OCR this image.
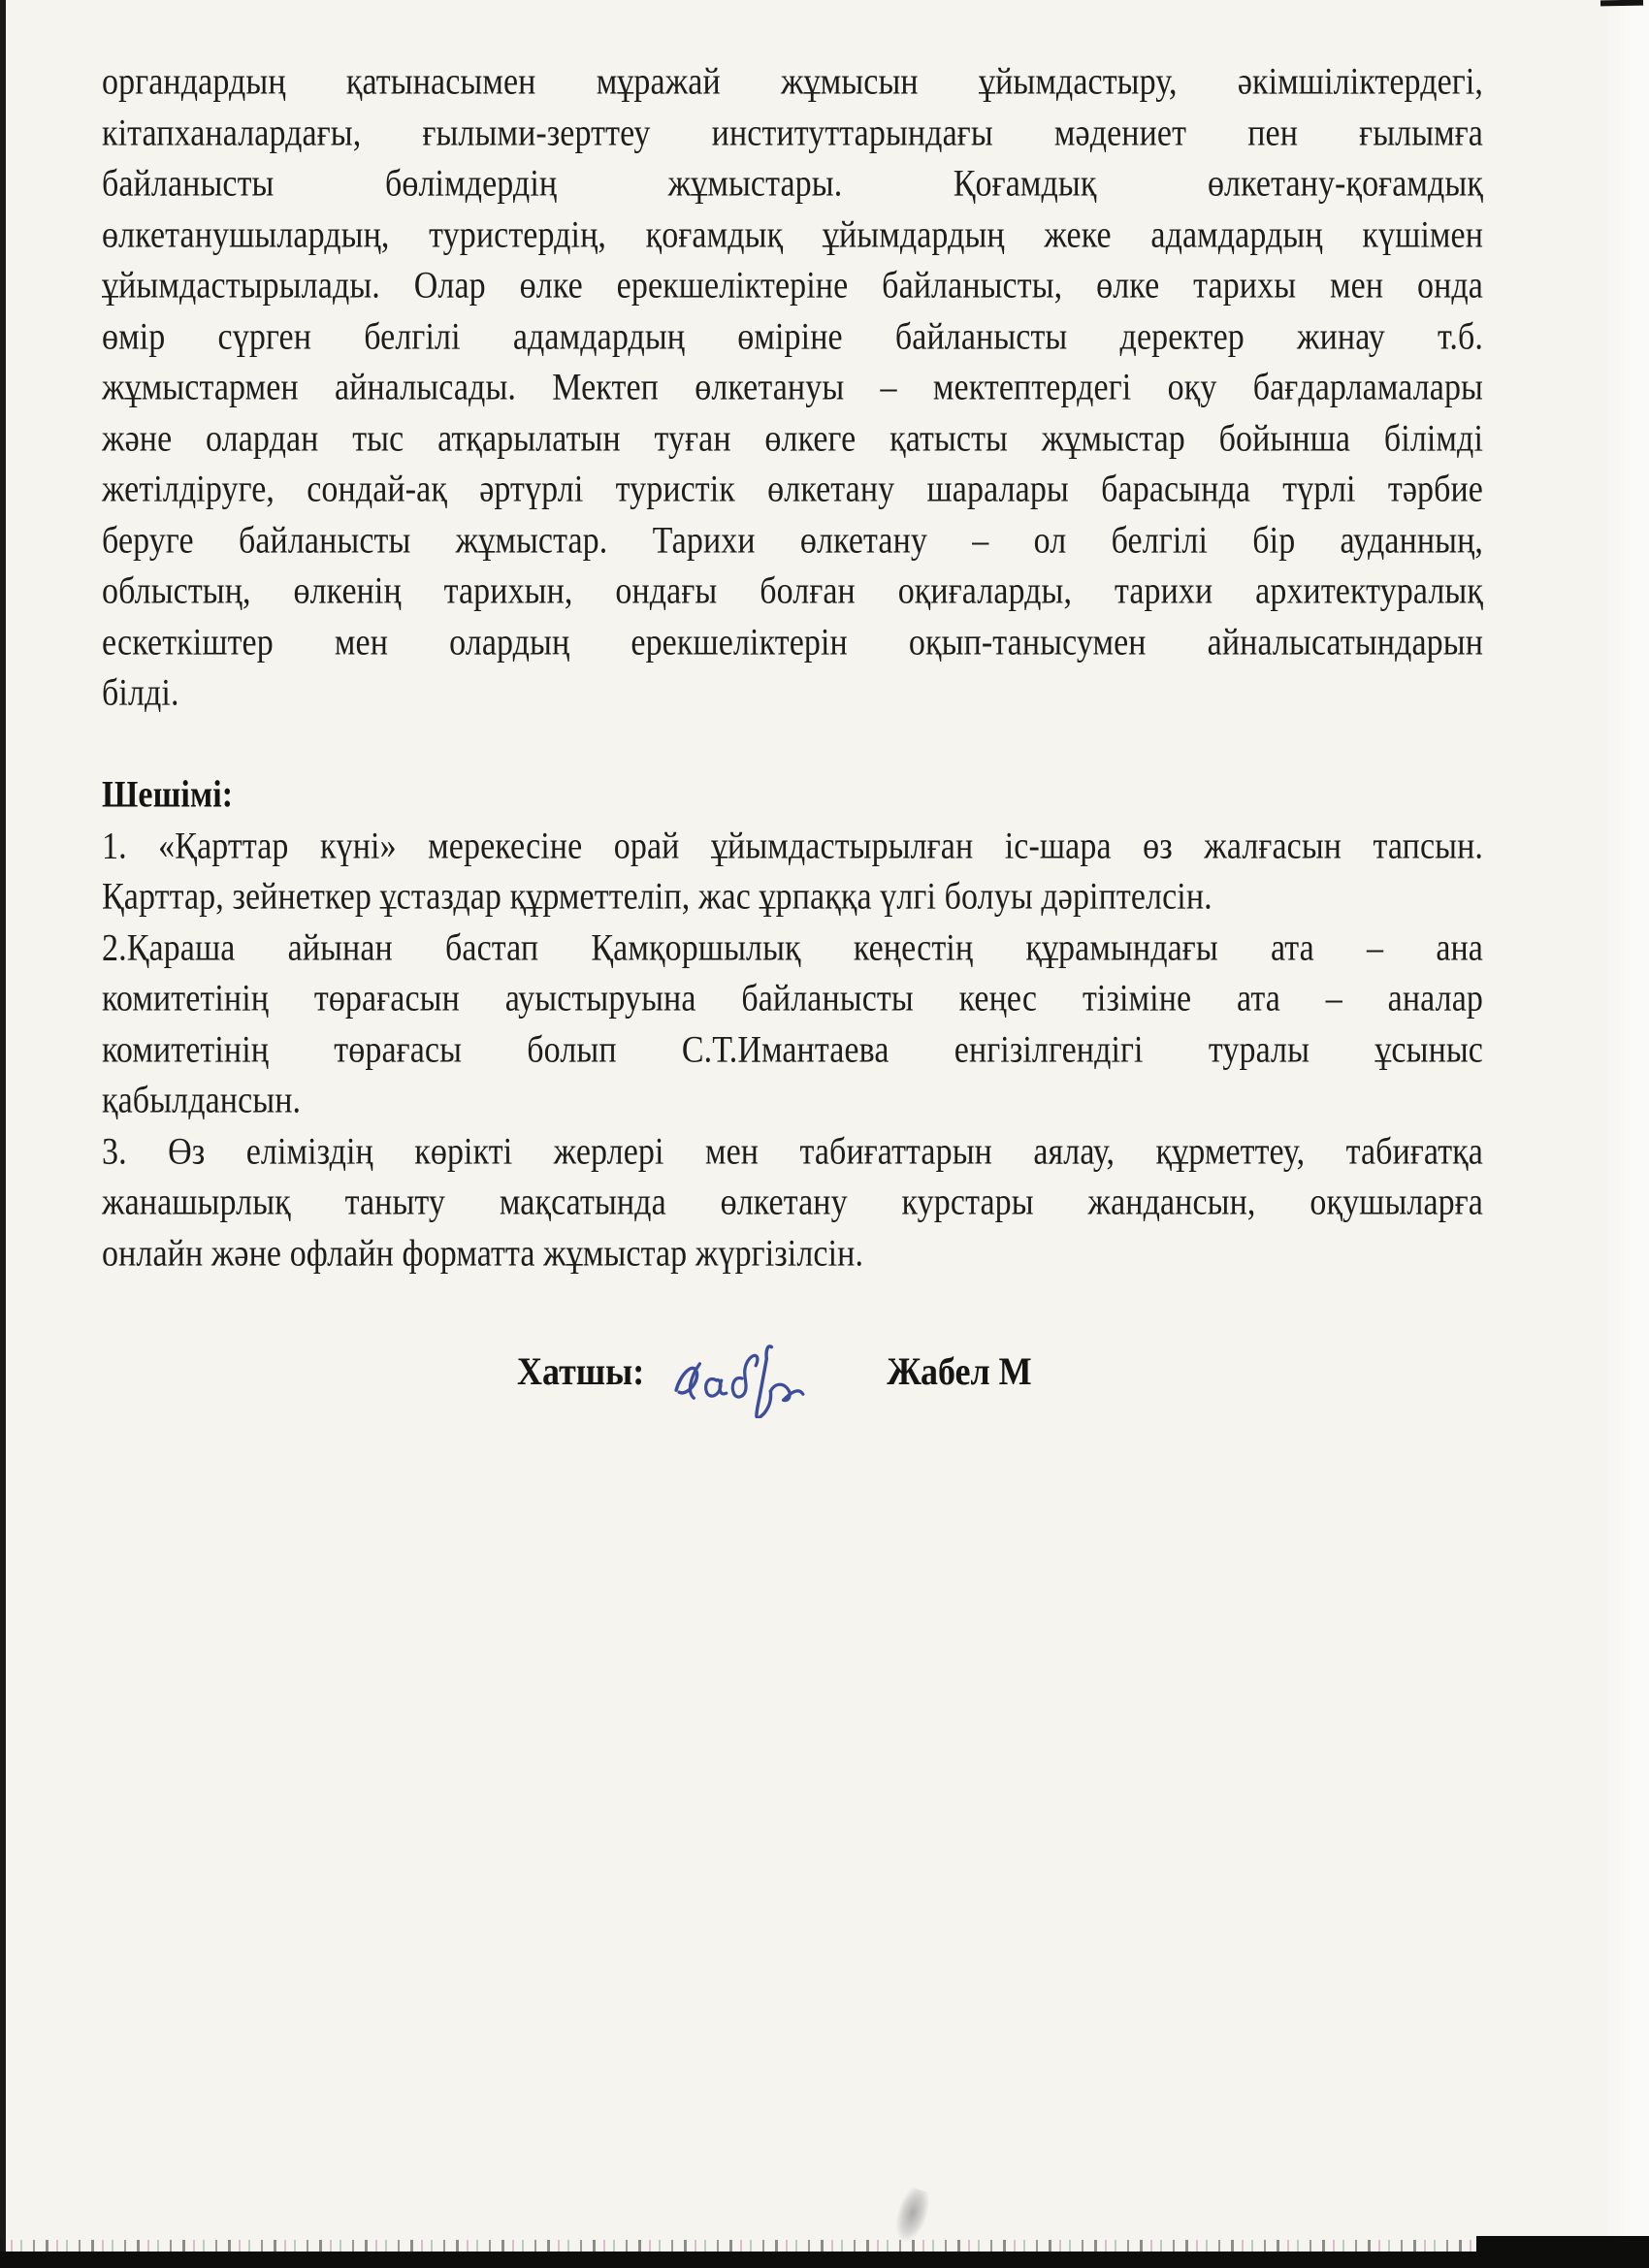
органдардың қатынасымен мұражай жұмысын ұйымдастыру, әкімшіліктердегі,
кітапханалардағы, ғылыми-зерттеу институттарындағы мәдениет пен ғылымға
байланысты бөлімдердің жұмыстары. Қоғамдық өлкетану-қоғамдық
өлкетанушылардың, туристердің, қоғамдық ұйымдардың жеке адамдардың күшімен
ұйымдастырылады. Олар өлке ерекшеліктеріне байланысты, өлке тарихы мен онда
өмір сүрген белгілі адамдардың өміріне байланысты деректер жинау т.б.
жұмыстармен айналысады. Мектеп өлкетануы – мектептердегі оқу бағдарламалары
және олардан тыс атқарылатын туған өлкеге қатысты жұмыстар бойынша білімді
жетілдіруге, сондай-ақ әртүрлі туристік өлкетану шаралары барасында түрлі тәрбие
беруге байланысты жұмыстар. Тарихи өлкетану – ол белгілі бір ауданның,
облыстың, өлкенің тарихын, ондағы болған оқиғаларды, тарихи архитектуралық
ескеткіштер мен олардың ерекшеліктерін оқып-танысумен айналысатындарын
білді.
Шешімі:
1. «Қарттар күні» мерекесіне орай ұйымдастырылған іс-шара өз жалғасын тапсын.
Қарттар, зейнеткер ұстаздар құрметтеліп, жас ұрпаққа үлгі болуы дәріптелсін.
2.Қараша айынан бастап Қамқоршылық кеңестің құрамындағы ата – ана
комитетінің төрағасын ауыстыруына байланысты кеңес тізіміне ата – аналар
комитетінің төрағасы болып С.Т.Имантаева енгізілгендігі туралы ұсыныс
қабылдансын.
3. Өз еліміздің көрікті жерлері мен табиғаттарын аялау, құрметтеу, табиғатқа
жанашырлық таныту мақсатында өлкетану курстары жандансын, оқушыларға
онлайн және офлайн форматта жұмыстар жүргізілсін.
Хатшы:	Жабел М
